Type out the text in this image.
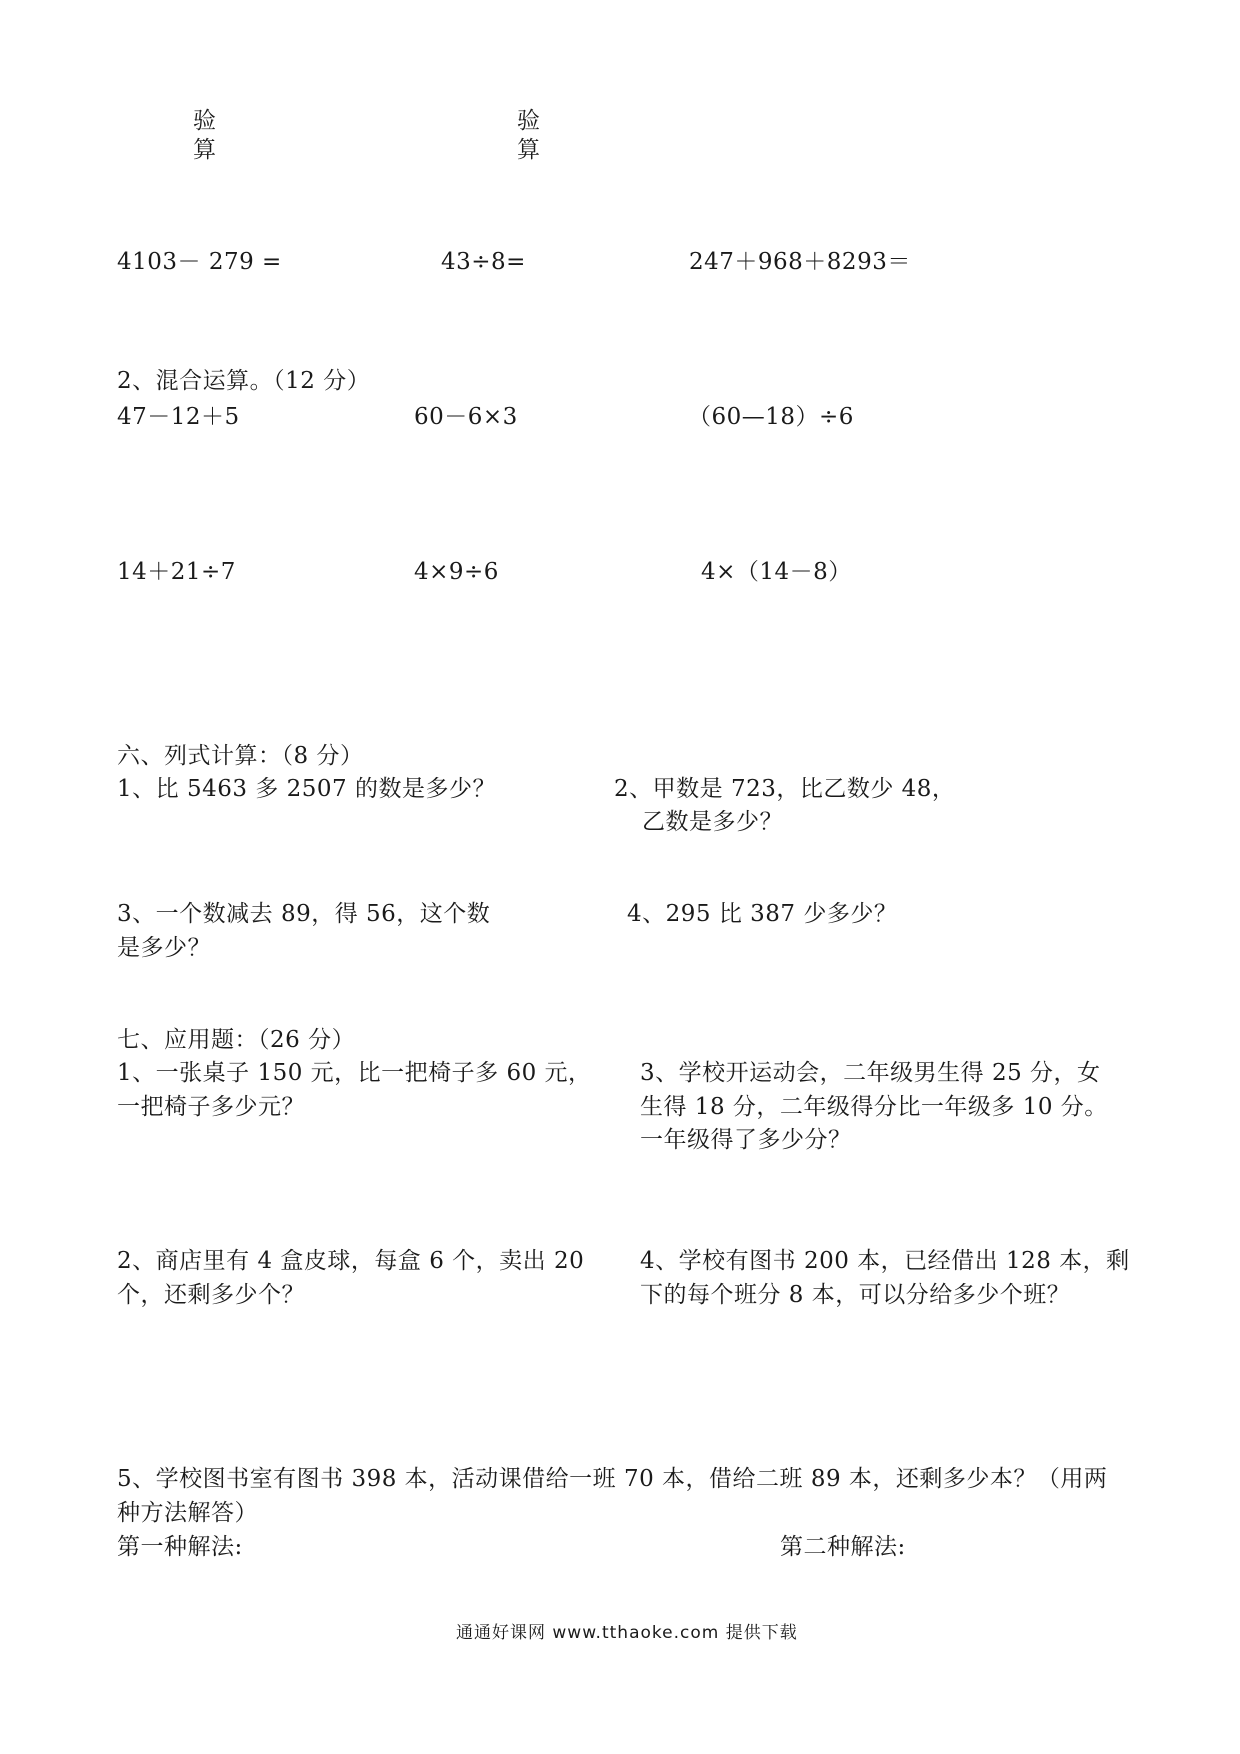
验
算
验
算
4103－ 279 =	43÷8=	247＋968＋8293＝
2、混合运算。（12 分）
47－12＋5	60－6×3	（60—18）÷6
14＋21÷7	4×9÷6	4×（14－8）
六、列式计算：（8 分）
1、比 5463 多 2507 的数是多少？	2、甲数是 723，比乙数少 48，
乙数是多少？
3、一个数减去 89，得 56，这个数
是多少？
4、295 比 387 少多少？
七、应用题：（26 分）
1、一张桌子 150 元，比一把椅子多 60 元，
一把椅子多少元？
3、学校开运动会，二年级男生得 25 分，女
生得 18 分，二年级得分比一年级多 10 分。
一年级得了多少分？
2、商店里有 4 盒皮球，每盒 6 个，卖出 20
个，还剩多少个？
4、学校有图书 200 本，已经借出 128 本，剩
下的每个班分 8 本，可以分给多少个班？
5、学校图书室有图书 398 本，活动课借给一班 70 本，借给二班 89 本，还剩多少本？（用两
种方法解答）
第一种解法:	第二种解法:
通通好课网 www.tthaoke.com 提供下载
